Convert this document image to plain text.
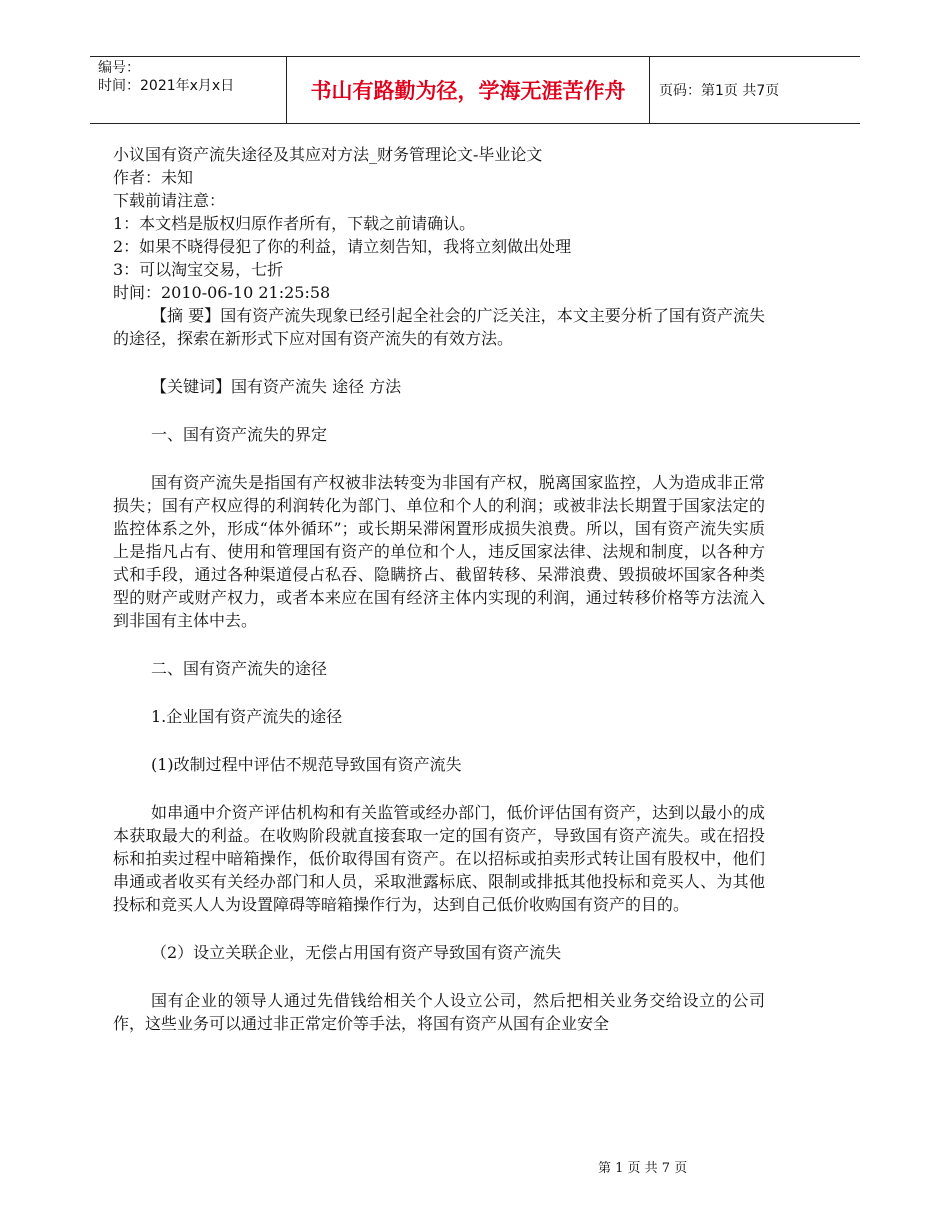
编号：
时间：2021年x月x日	书山有路勤为径，学海无涯苦作舟	页码：第1页 共7页
小议国有资产流失途径及其应对方法_财务管理论文-毕业论文
作者：未知
下载前请注意：
1：本文档是版权归原作者所有，下载之前请确认。
2：如果不晓得侵犯了你的利益，请立刻告知，我将立刻做出处理
3：可以淘宝交易，七折
时间：2010-06-10 21:25:58

【摘 要】国有资产流失现象已经引起全社会的广泛关注，本文主要分析了国有资产流失的途径，探索在新形式下应对国有资产流失的有效方法。

【关键词】国有资产流失 途径 方法

一、国有资产流失的界定

国有资产流失是指国有产权被非法转变为非国有产权，脱离国家监控，人为造成非正常损失；国有产权应得的利润转化为部门、单位和个人的利润；或被非法长期置于国家法定的监控体系之外，形成“体外循环”；或长期呆滞闲置形成损失浪费。所以，国有资产流失实质上是指凡占有、使用和管理国有资产的单位和个人，违反国家法律、法规和制度，以各种方式和手段，通过各种渠道侵占私吞、隐瞒挤占、截留转移、呆滞浪费、毁损破坏国家各种类型的财产或财产权力，或者本来应在国有经济主体内实现的利润，通过转移价格等方法流入到非国有主体中去。

二、国有资产流失的途径

1.企业国有资产流失的途径

(1)改制过程中评估不规范导致国有资产流失

如串通中介资产评估机构和有关监管或经办部门，低价评估国有资产，达到以最小的成本获取最大的利益。在收购阶段就直接套取一定的国有资产，导致国有资产流失。或在招投标和拍卖过程中暗箱操作，低价取得国有资产。在以招标或拍卖形式转让国有股权中，他们串通或者收买有关经办部门和人员，采取泄露标底、限制或排抵其他投标和竞买人、为其他投标和竞买人人为设置障碍等暗箱操作行为，达到自己低价收购国有资产的目的。

（2）设立关联企业，无偿占用国有资产导致国有资产流失

国有企业的领导人通过先借钱给相关个人设立公司，然后把相关业务交给设立的公司作，这些业务可以通过非正常定价等手法，将国有资产从国有企业安全

第 1 页 共 7 页
